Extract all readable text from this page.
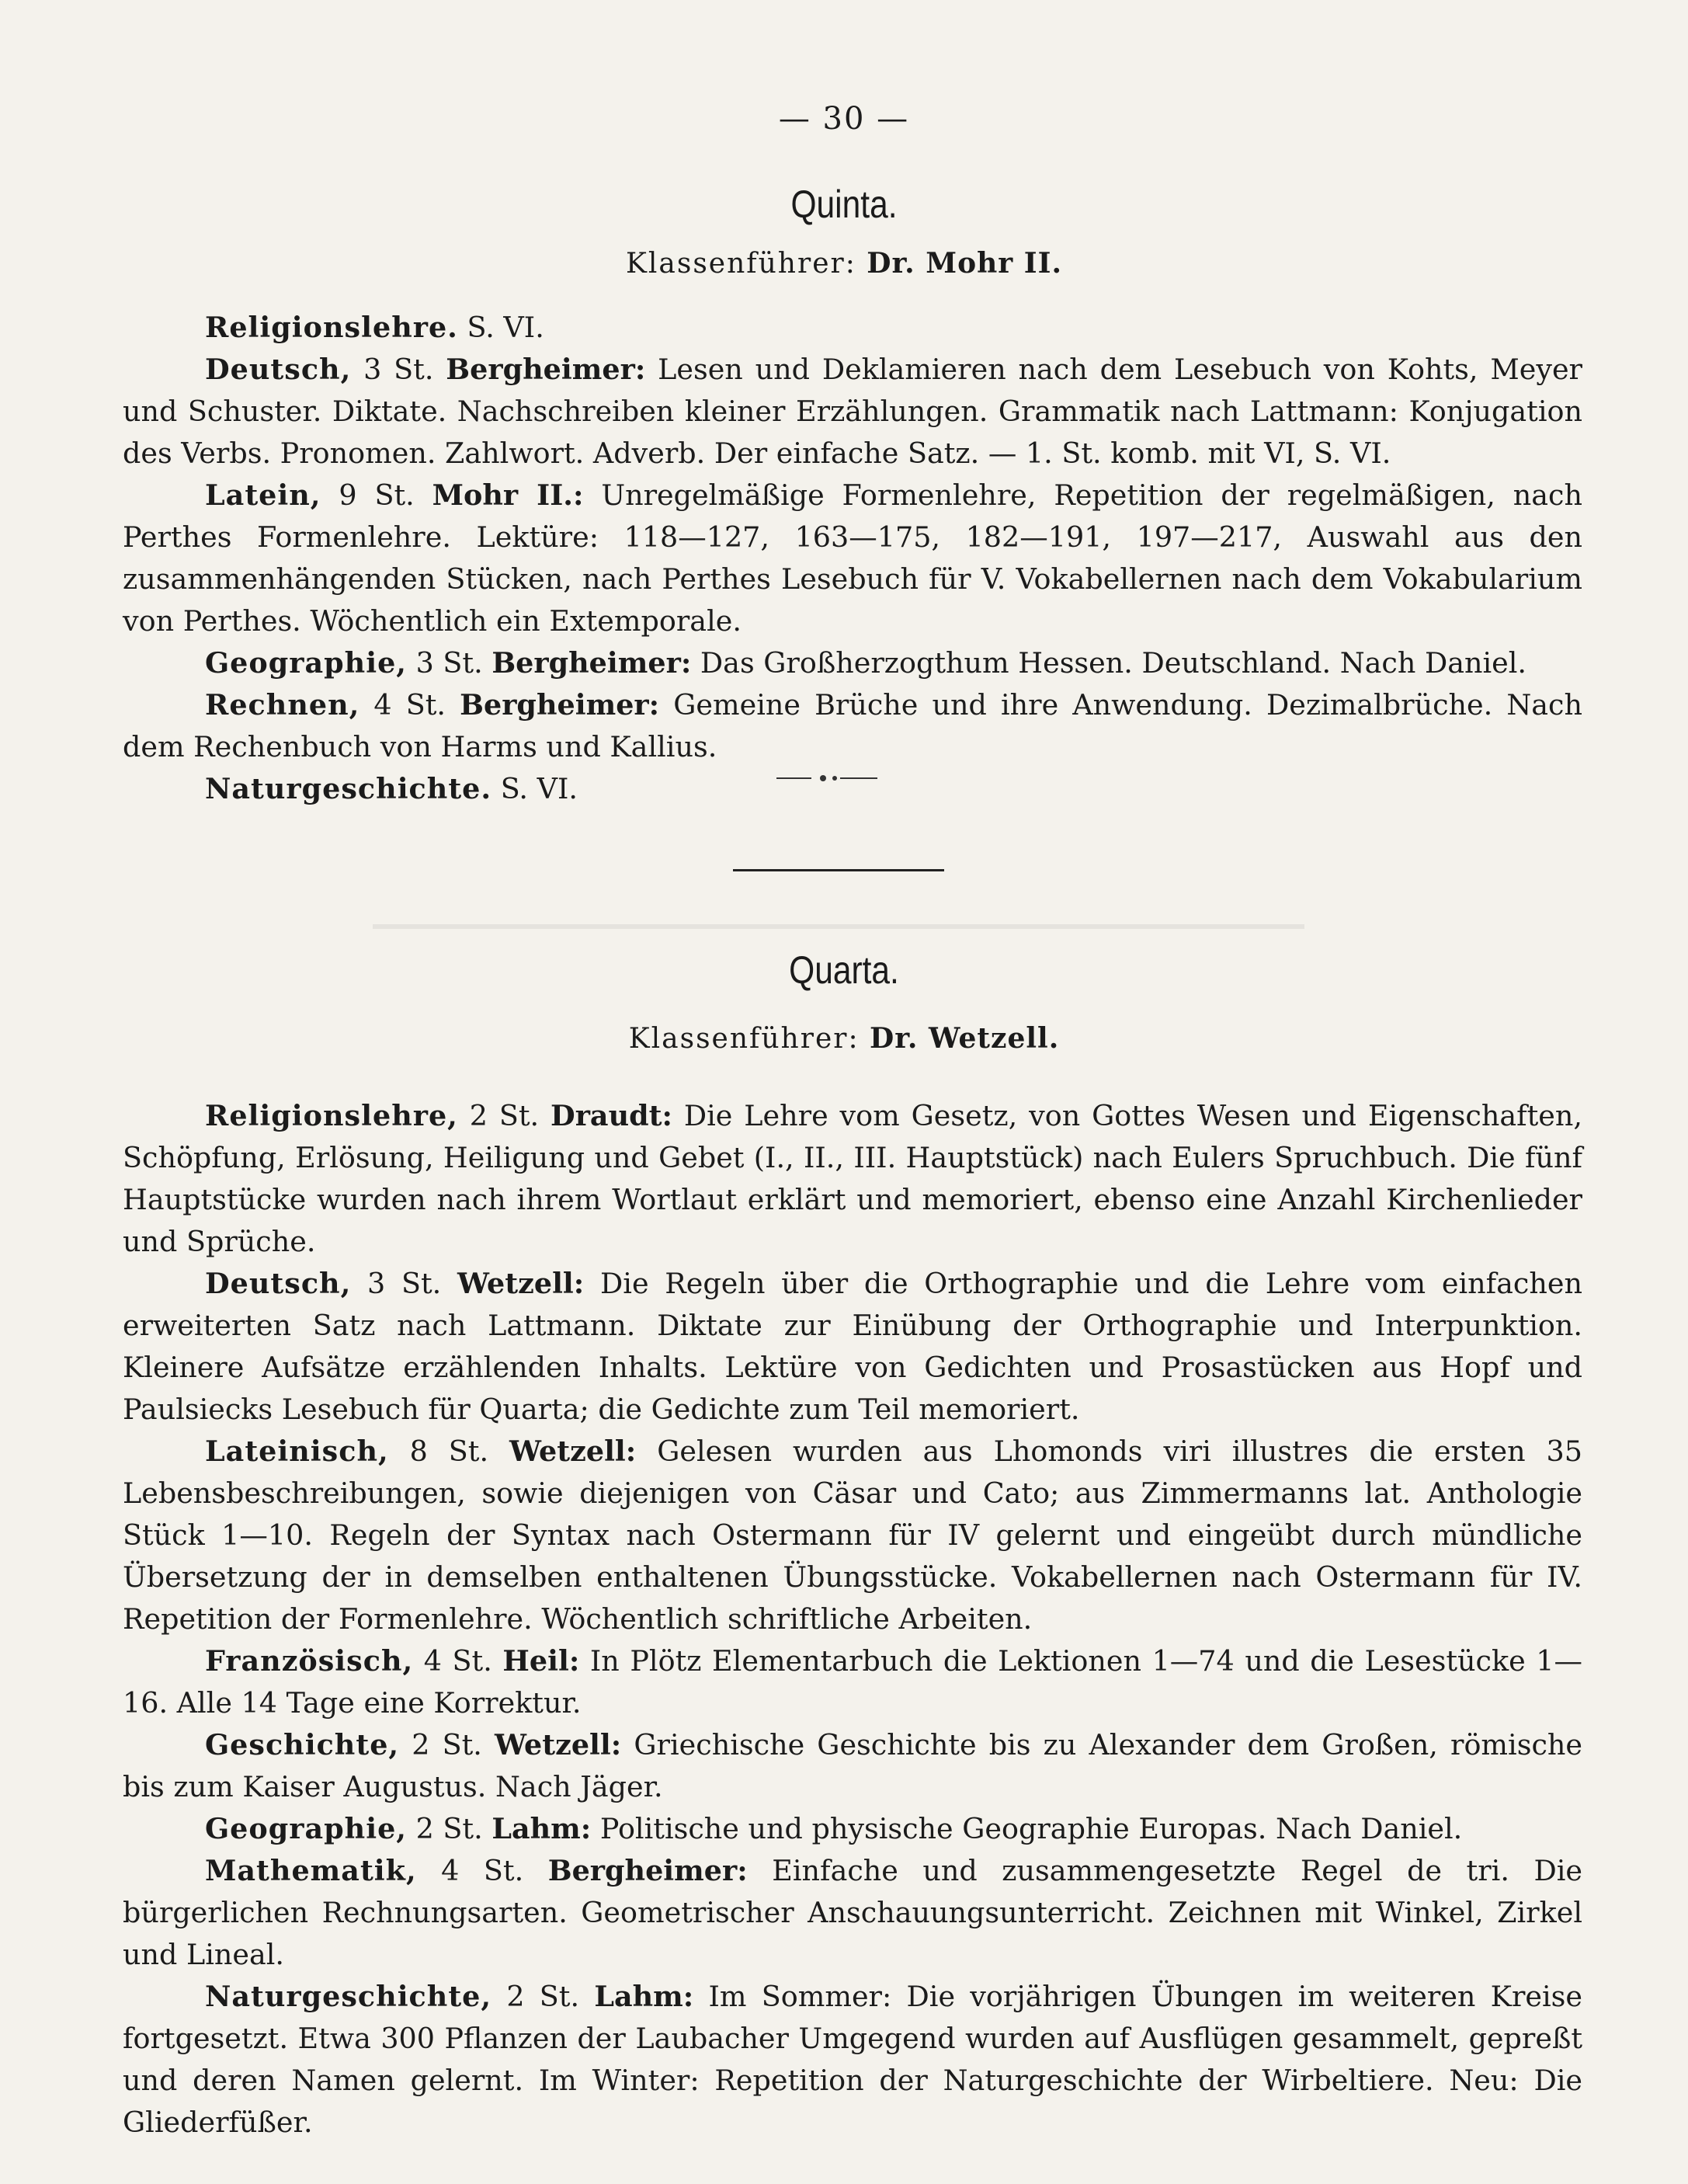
— 30 —
Quinta.
Klassenführer: Dr. Mohr II.
Religionslehre. S. VI.
Deutsch, 3 St. Bergheimer: Lesen und Deklamieren nach dem Lesebuch von Kohts, Meyer und Schuster. Diktate. Nachschreiben kleiner Erzählungen. Grammatik nach Lattmann: Konjugation des Verbs. Pronomen. Zahlwort. Adverb. Der einfache Satz. — 1. St. komb. mit VI, S. VI.
Latein, 9 St. Mohr II.: Unregelmäßige Formenlehre, Repetition der regelmäßigen, nach Perthes Formenlehre. Lektüre: 118—127, 163—175, 182—191, 197—217, Auswahl aus den zusammenhängenden Stücken, nach Perthes Lesebuch für V. Vokabellernen nach dem Vokabularium von Perthes. Wöchentlich ein Extemporale.
Geographie, 3 St. Bergheimer: Das Großherzogthum Hessen. Deutschland. Nach Daniel.
Rechnen, 4 St. Bergheimer: Gemeine Brüche und ihre Anwendung. Dezimalbrüche. Nach dem Rechenbuch von Harms und Kallius.
Naturgeschichte. S. VI.
Quarta.
Klassenführer: Dr. Wetzell.
Religionslehre, 2 St. Draudt: Die Lehre vom Gesetz, von Gottes Wesen und Eigenschaften, Schöpfung, Erlösung, Heiligung und Gebet (I., II., III. Hauptstück) nach Eulers Spruchbuch. Die fünf Hauptstücke wurden nach ihrem Wortlaut erklärt und memoriert, ebenso eine Anzahl Kirchenlieder und Sprüche.
Deutsch, 3 St. Wetzell: Die Regeln über die Orthographie und die Lehre vom einfachen erweiterten Satz nach Lattmann. Diktate zur Einübung der Orthographie und Interpunktion. Kleinere Aufsätze erzählenden Inhalts. Lektüre von Gedichten und Prosastücken aus Hopf und Paulsiecks Lesebuch für Quarta; die Gedichte zum Teil memoriert.
Lateinisch, 8 St. Wetzell: Gelesen wurden aus Lhomonds viri illustres die ersten 35 Lebensbeschreibungen, sowie diejenigen von Cäsar und Cato; aus Zimmermanns lat. Anthologie Stück 1—10. Regeln der Syntax nach Ostermann für IV gelernt und eingeübt durch mündliche Übersetzung der in demselben enthaltenen Übungsstücke. Vokabellernen nach Ostermann für IV. Repetition der Formenlehre. Wöchentlich schriftliche Arbeiten.
Französisch, 4 St. Heil: In Plötz Elementarbuch die Lektionen 1—74 und die Lesestücke 1—16. Alle 14 Tage eine Korrektur.
Geschichte, 2 St. Wetzell: Griechische Geschichte bis zu Alexander dem Großen, römische bis zum Kaiser Augustus. Nach Jäger.
Geographie, 2 St. Lahm: Politische und physische Geographie Europas. Nach Daniel.
Mathematik, 4 St. Bergheimer: Einfache und zusammengesetzte Regel de tri. Die bürgerlichen Rechnungsarten. Geometrischer Anschauungsunterricht. Zeichnen mit Winkel, Zirkel und Lineal.
Naturgeschichte, 2 St. Lahm: Im Sommer: Die vorjährigen Übungen im weiteren Kreise fortgesetzt. Etwa 300 Pflanzen der Laubacher Umgegend wurden auf Ausflügen gesammelt, gepreßt und deren Namen gelernt. Im Winter: Repetition der Naturgeschichte der Wirbeltiere. Neu: Die Gliederfüßer.
